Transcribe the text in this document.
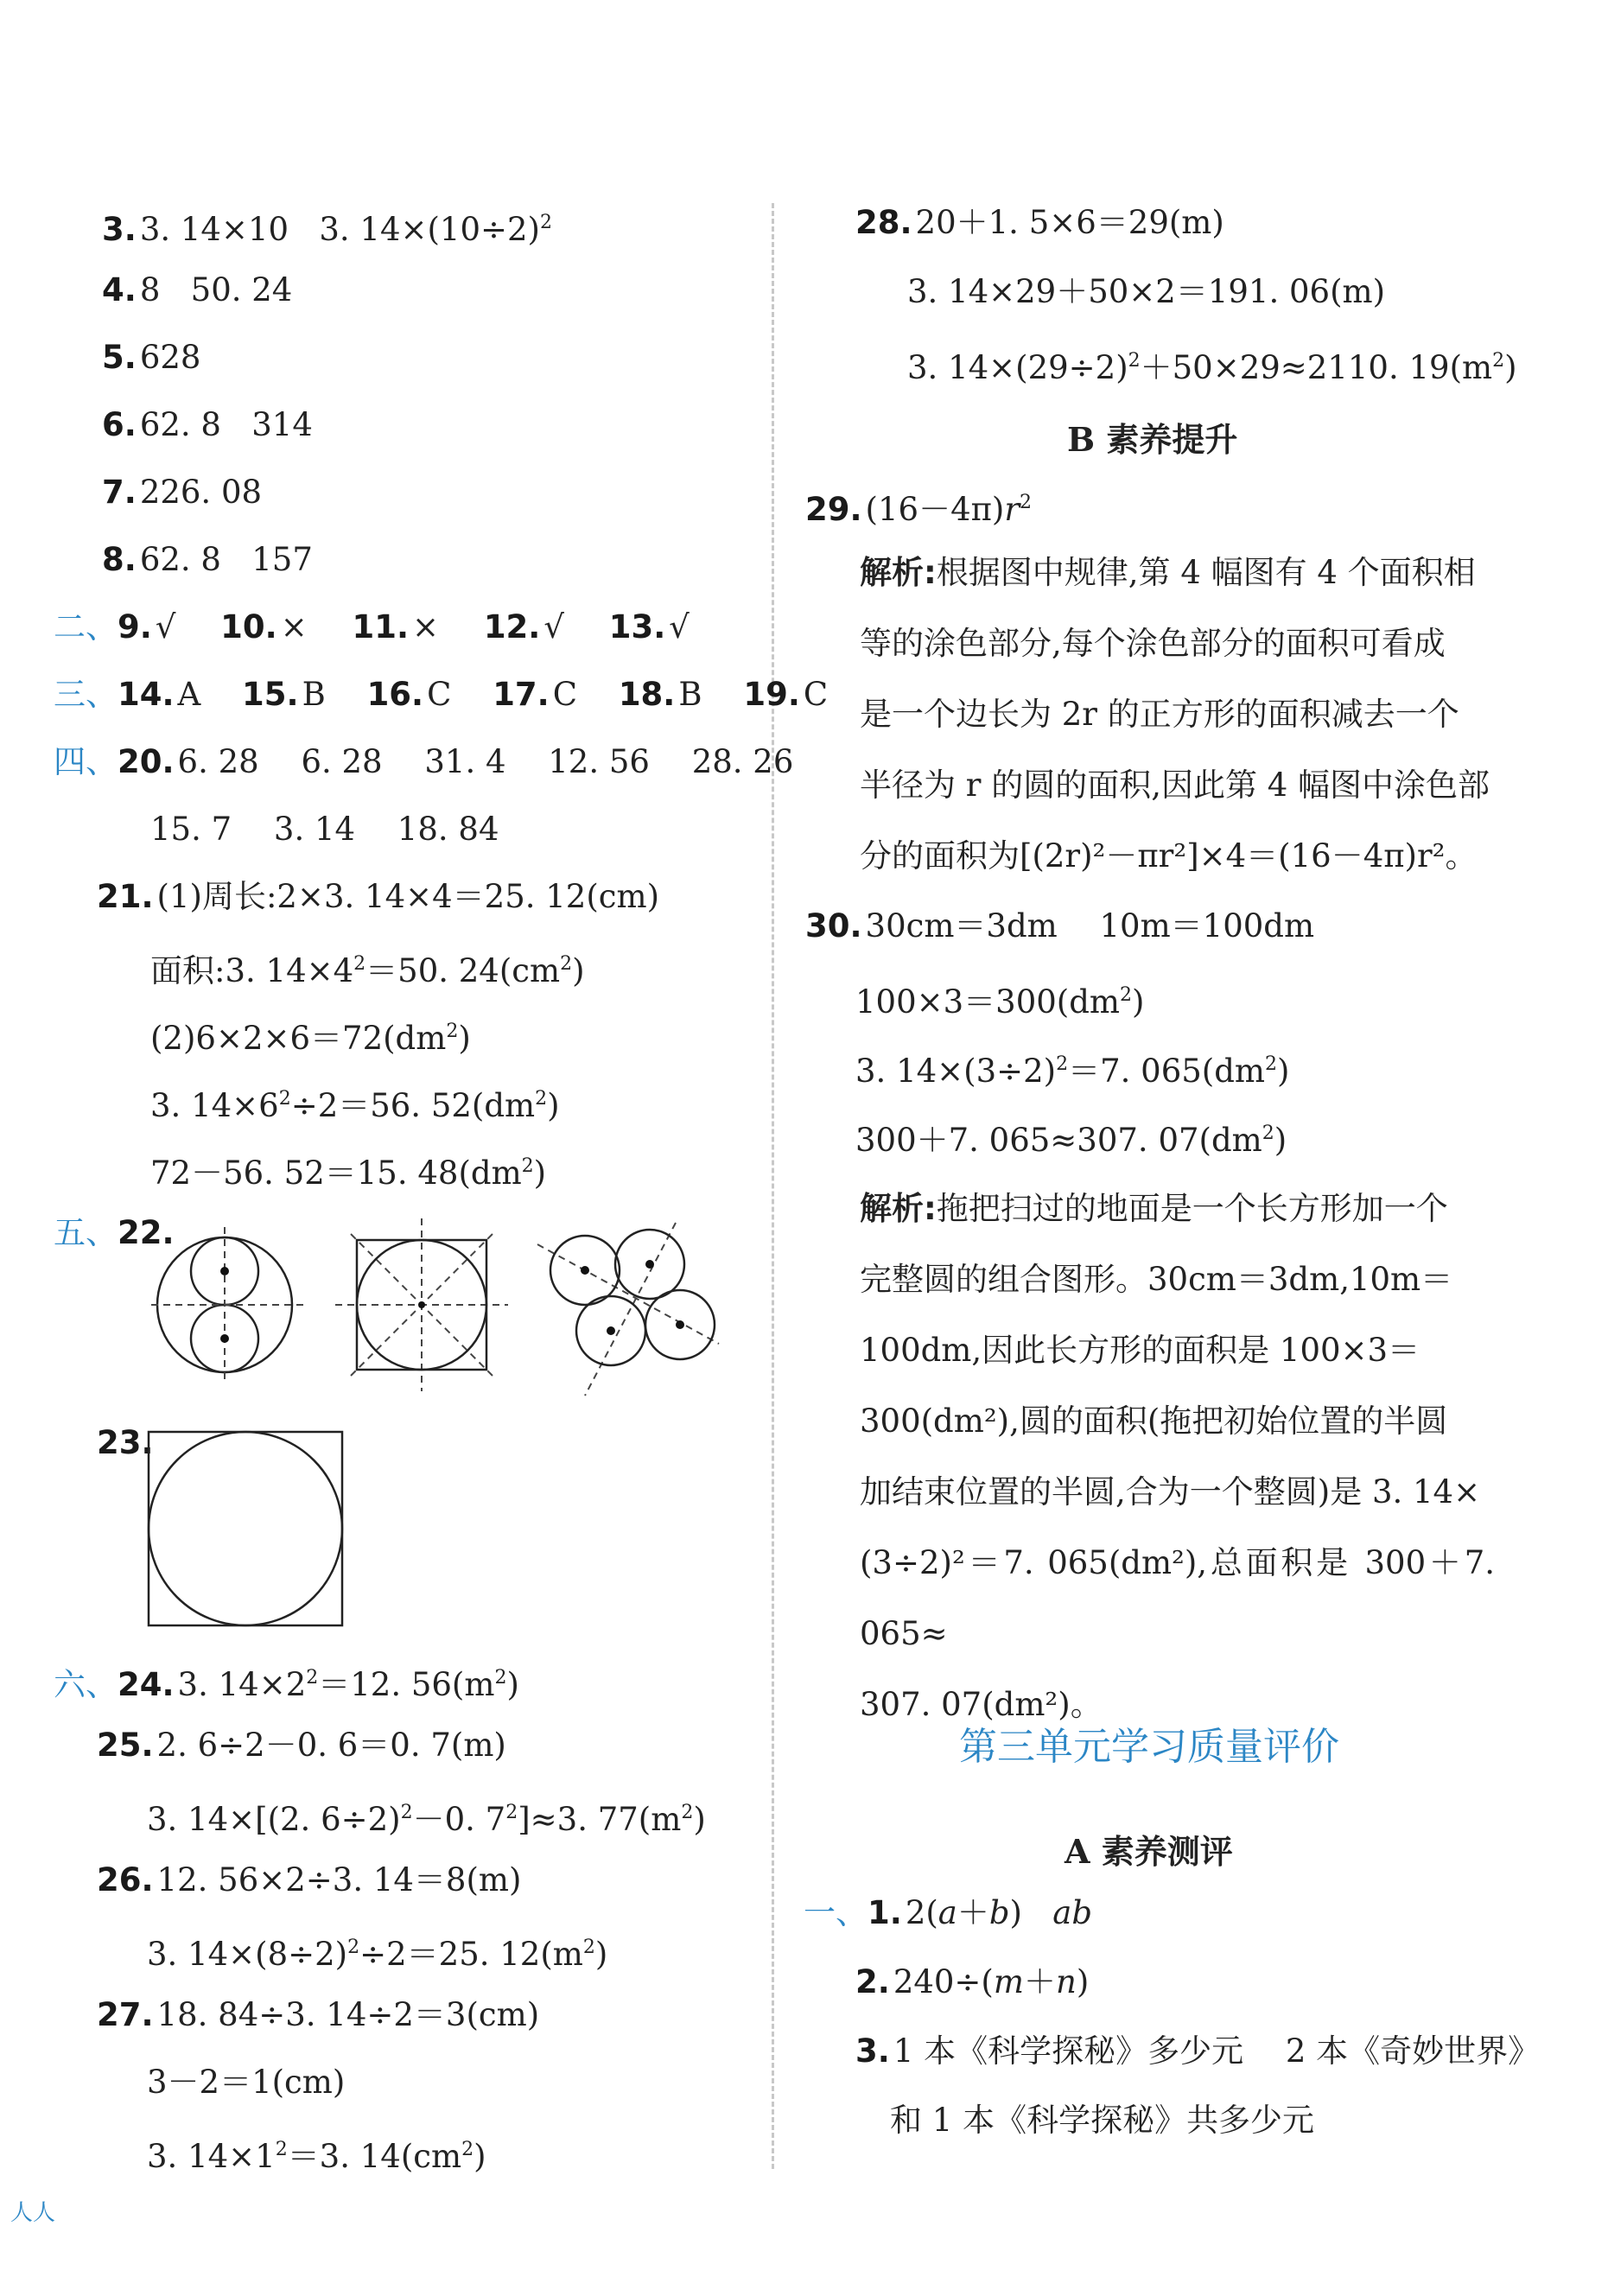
3. 3. 14×10 3. $14\times(10\div 2)^2$
4. 8 50. 24
5. 628
6. 62. 8 314
7. 226. 08
8. 62. 8 157
二、9. √ 10. × 11. × 12. √ 13. √
三、14. A 15. B 16. C 17. C 18. B 19. C
四、20. 6. 28　 6. 28　 31. 4　 12. 56　 28. 26
15. 7　 3. 14　 18. 84
21. (1)周长:2×3. 14×4＝25. 12(cm)
面积:3. $14\times 4^2=50$. $24(cm^2)$
$(2)6\times 2\times 6=72(dm^2)$
3. $14\times 6^2\div 2=56$. $52(dm^2)$
72－56. 52＝15. $48(dm^2)$
五、22.
23.
六、24. 3. $14\times 2^2=12$. $56(m^2)$
25. 2. 6÷2－0. 6＝0. 7(m)
3. 14×[(2. 6÷2)$^2$－0. $7^2]\approx 3$. $77(m^2)$
26. 12. 56×2÷3. 14＝8(m)
3. $14\times(8\div 2)^2\div 2=25$. $12(m^2)$
27. 18. 84÷3. 14÷2＝3(cm)
3－2＝1(cm)
3. $14\times 1^2=3$. $14(cm^2)$
28. 20＋1. 5×6＝29(m)
3. 14×29＋50×2＝191. 06(m)
3. $14\times(29\div 2)^2+50\times 29\approx 2110$. $19(m^2)$
B 素养提升
29. $(16-4\pi)r^2$
解析:根据图中规律,第 4 幅图有 4 个面积相
等的涂色部分,每个涂色部分的面积可看成
是一个边长为 2r 的正方形的面积减去一个
半径为 r 的圆的面积,因此第 4 幅图中涂色部
分的面积为[(2r)²－πr²]×4＝(16－4π)r²。
30. 30cm＝3dm　 10m＝100dm
$100\times 3=300(dm^2)$
3. $14\times(3\div 2)^2=7$. $065(dm^2)$
300＋7. 065≈307. $07(dm^2)$
解析:拖把扫过的地面是一个长方形加一个
完整圆的组合图形。30cm＝3dm,10m＝
100dm,因此长方形的面积是 100×3＝
300(dm²),圆的面积(拖把初始位置的半圆
加结束位置的半圆,合为一个整圆)是 3. 14×
(3÷2)²＝7. 065(dm²),总面积是 300＋7. 065≈
307. 07(dm²)。
第三单元学习质量评价
A 素养测评
一、1. 2(a＋b) ab
2. 240÷(m＋n)
3. 1 本《科学探秘》多少元　 2 本《奇妙世界》
和 1 本《科学探秘》共多少元
人人
